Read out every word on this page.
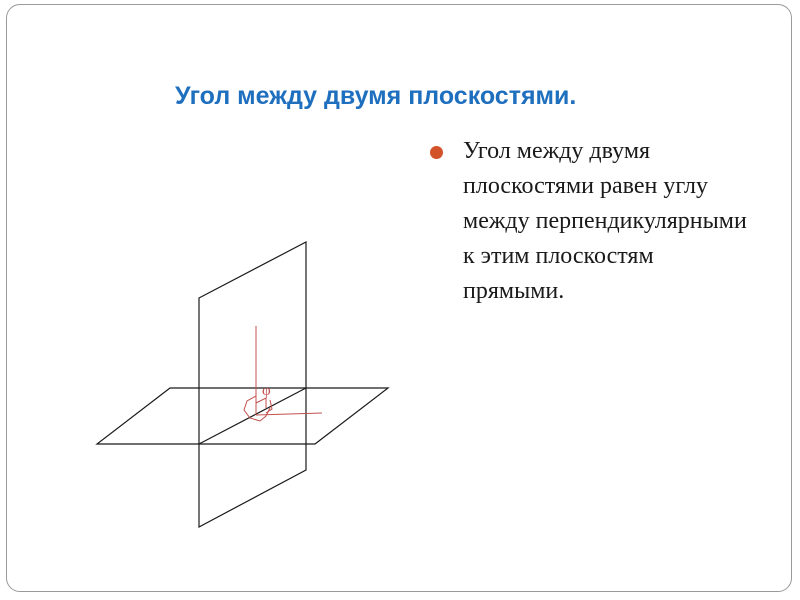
Угол между двумя плоскостями.
Угол между двумя плоскостями равен углу между перпендикулярными к этим плоскостям прямыми.
φ
